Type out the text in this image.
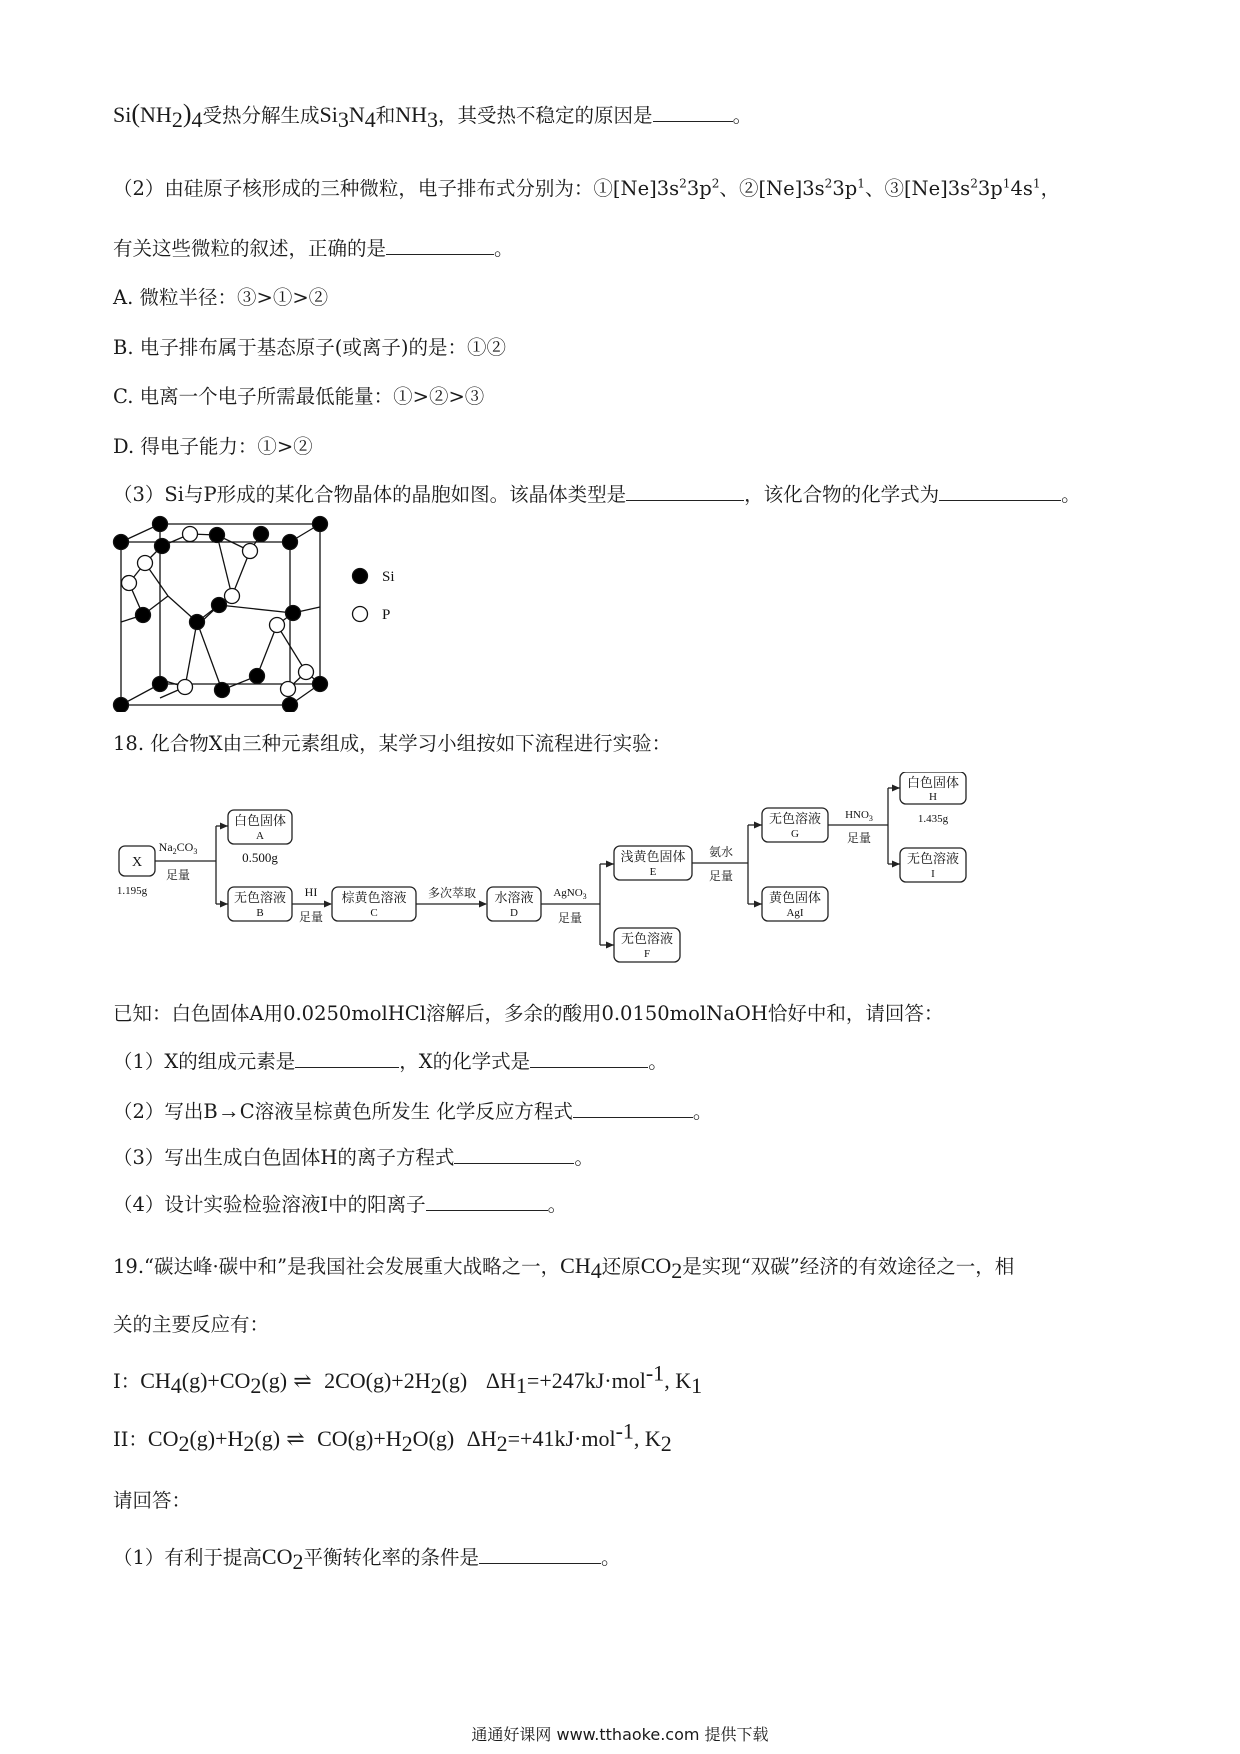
$Si(NH_2)_4$受热分解生成$Si_3N_4$和$NH_3$，其受热不稳定的原因是	。
（2）由硅原子核形成的三种微粒，电子排布式分别为：$①[Ne]3s^23p^2$、$②[Ne]3s^23p^1$、$③[Ne]3s^23p^14s^1$，
有关这些微粒的叙述，正确的是	。
A. 微粒半径：③>①>②
B. 电子排布属于基态原子(或离子)的是：①②
C. 电离一个电子所需最低能量：①>②>③
D. 得电子能力：①>②
（3）Si与P形成的某化合物晶体的晶胞如图。该晶体类型是	，该化合物的化学式为	。
Si
P
18. 化合物X由三种元素组成，某学习小组按如下流程进行实验：
X
1.195g
$Na_2CO_3$
足量
白色固体
A
0.500g
无色溶液
B
HI
足量
棕黄色溶液
C
多次萃取 水溶液
D
AgNO$_3$
足量
浅黄色固体
E
无色溶液
F
氨水
足量
无色溶液
G
黄色固体
AgI
$HNO_3$
足量
白色固体
H
1.435g
无色溶液
I
已知：白色固体A用0.0250molHCl溶解后，多余的酸用0.0150molNaOH恰好中和，请回答：
（1）X的组成元素是	，X的化学式是	。
（2）写出B→C溶液呈棕黄色所发生 化学反应方程式	。
（3）写出生成白色固体H的离子方程式	。
（4）设计实验检验溶液I中的阳离子	。
19.“碳达峰·碳中和”是我国社会发展重大战略之一，$CH_4$还原$CO_2$是实现“双碳”经济的有效途径之一，相
关的主要反应有：
I：$CH_4(g)+CO_2(g)$ ⇌ $2CO(g)+2H_2(g)$ $\Delta H_1=+247kJ\cdot mol^{-1}$, $K_1$
II：$CO_2(g)+H_2(g)$ ⇌ $CO(g)+H_2O(g)$ $\Delta H_2=+41kJ\cdot mol^{-1}$, $K_2$
请回答：
（1）有利于提高$CO_2$平衡转化率的条件是	。
通通好课网 www.tthaoke.com 提供下载
